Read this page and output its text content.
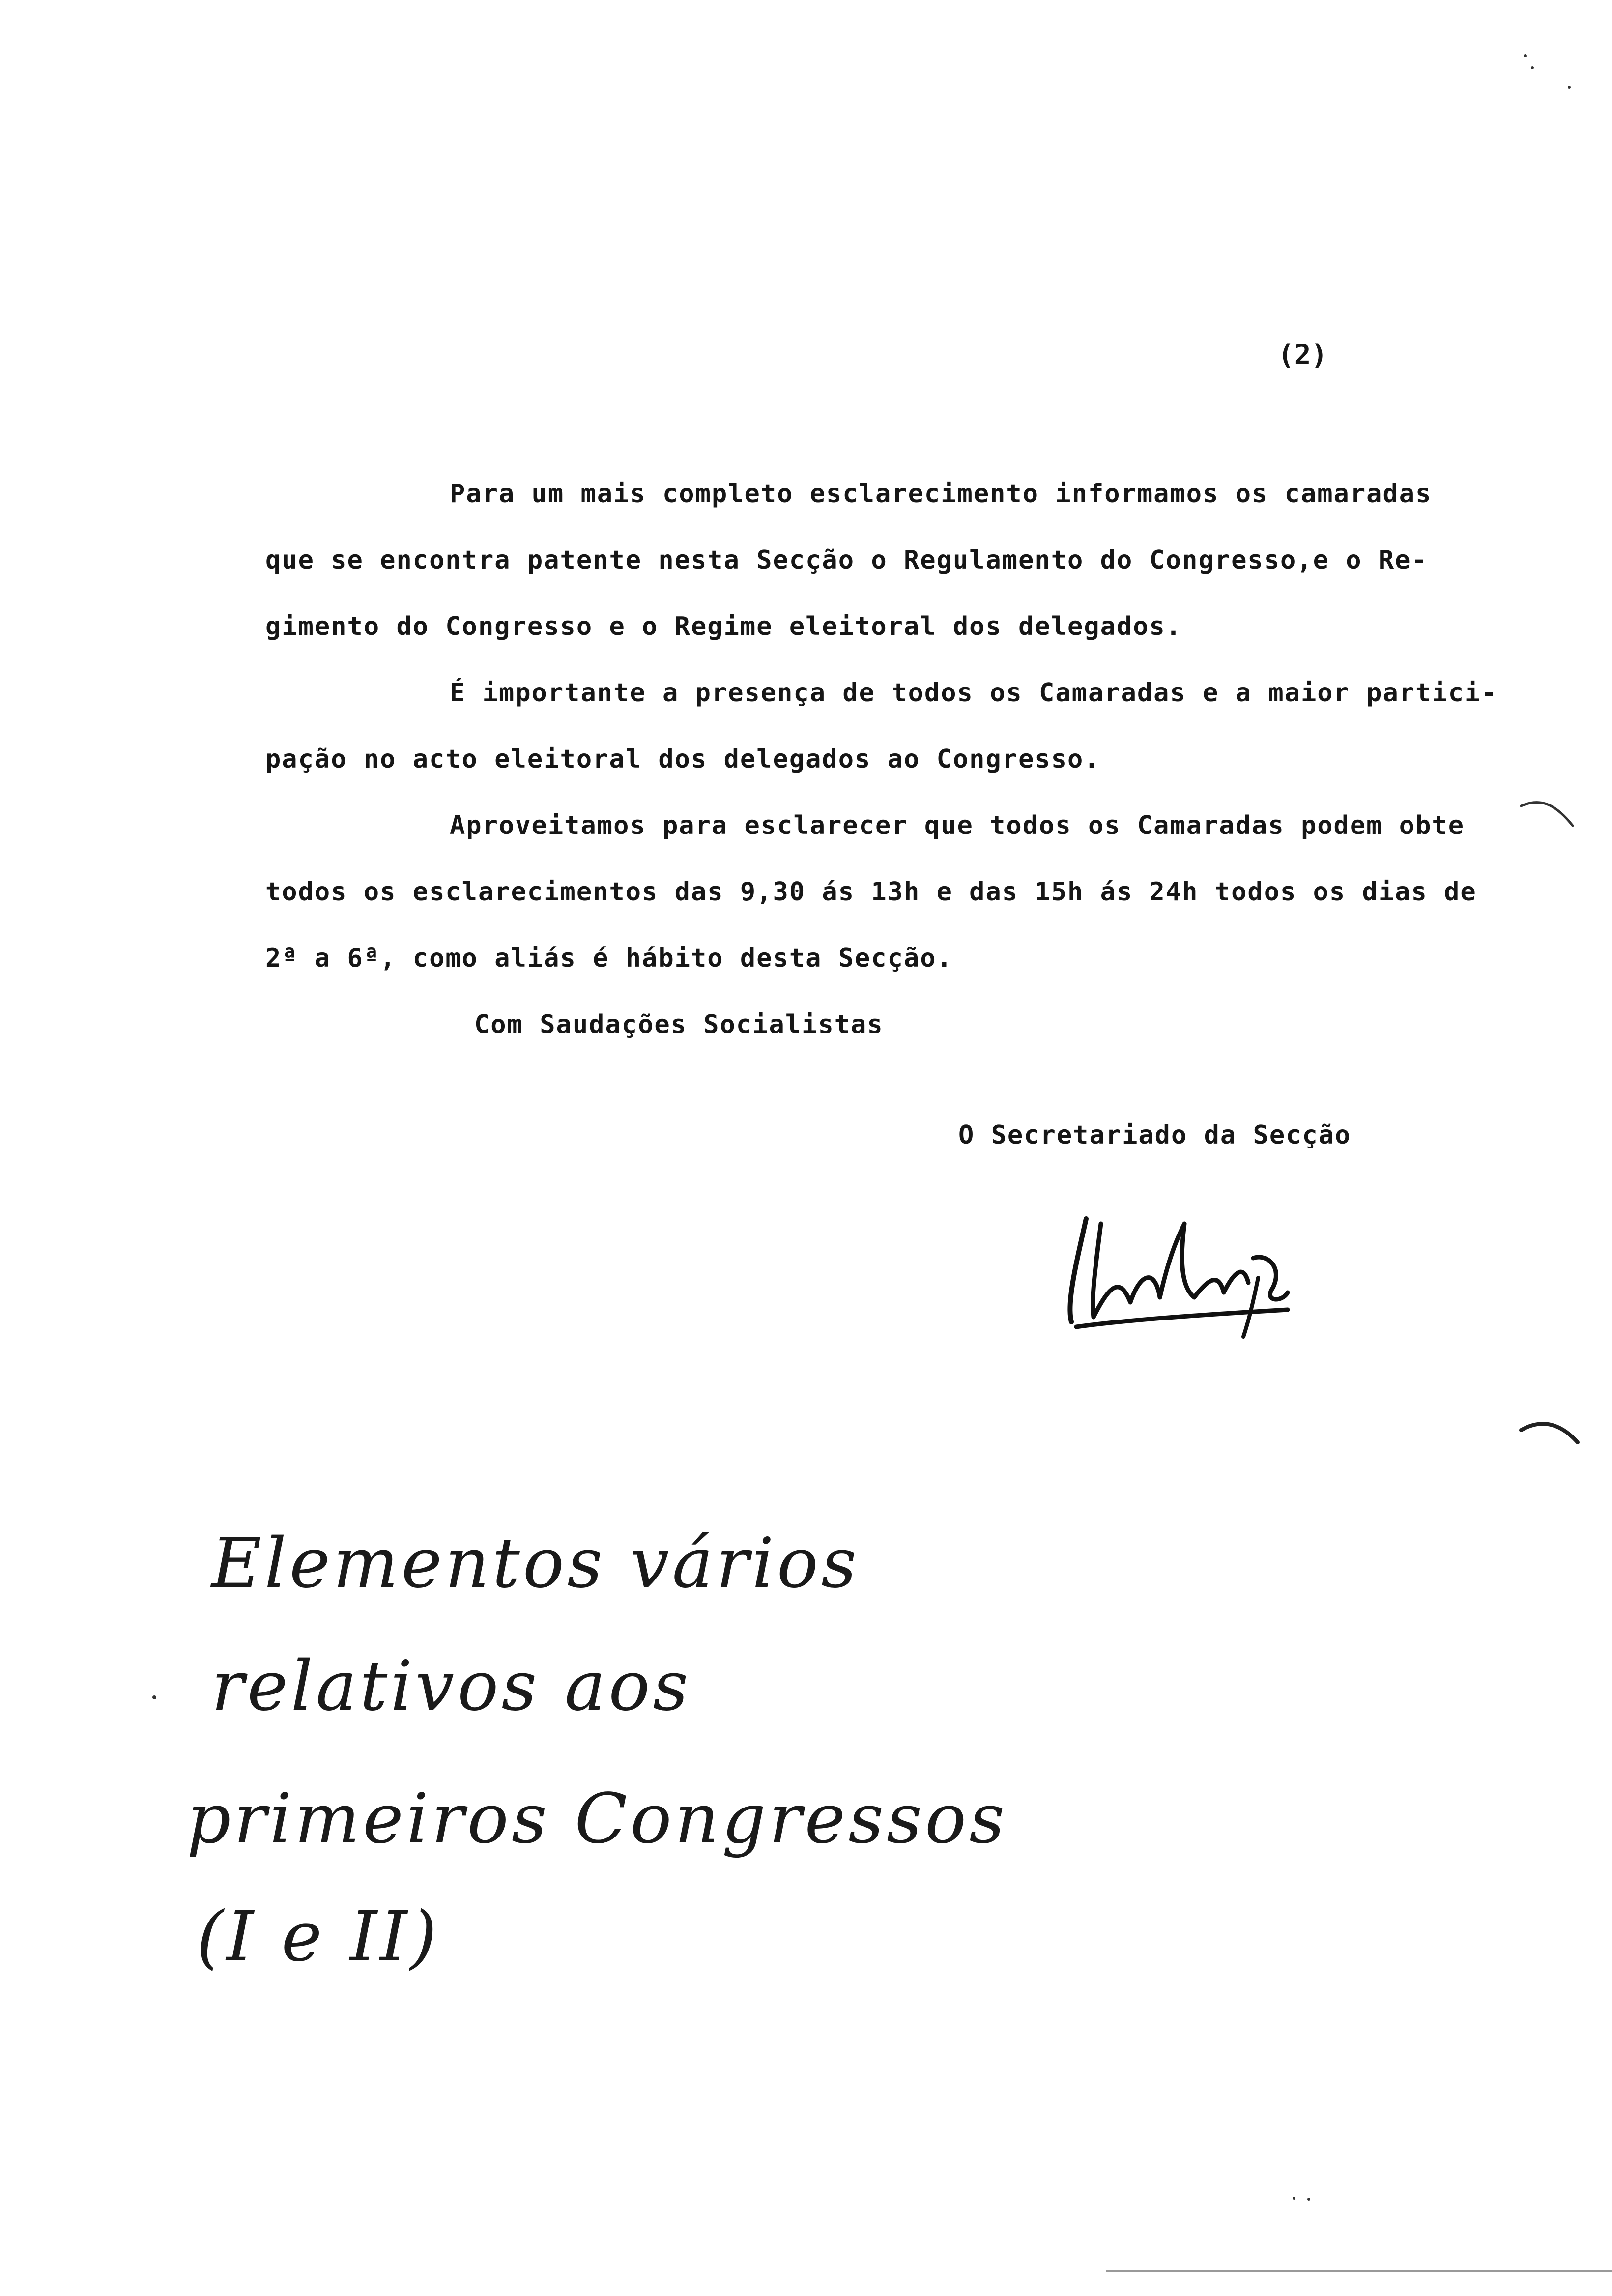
(2)
Para um mais completo esclarecimento informamos os camaradas
que se encontra patente nesta Secção o Regulamento do Congresso,e o Re-
gimento do Congresso e o Regime eleitoral dos delegados.
É importante a presença de todos os Camaradas e a maior partici-
pação no acto eleitoral dos delegados ao Congresso.
Aproveitamos para esclarecer que todos os Camaradas podem obte
todos os esclarecimentos das 9,30 ás 13h e das 15h ás 24h todos os dias de
2ª a 6ª, como aliás é hábito desta Secção.
Com Saudações Socialistas
O Secretariado da Secção
Elementos vários
relativos aos
primeiros Congressos
(I e II)
